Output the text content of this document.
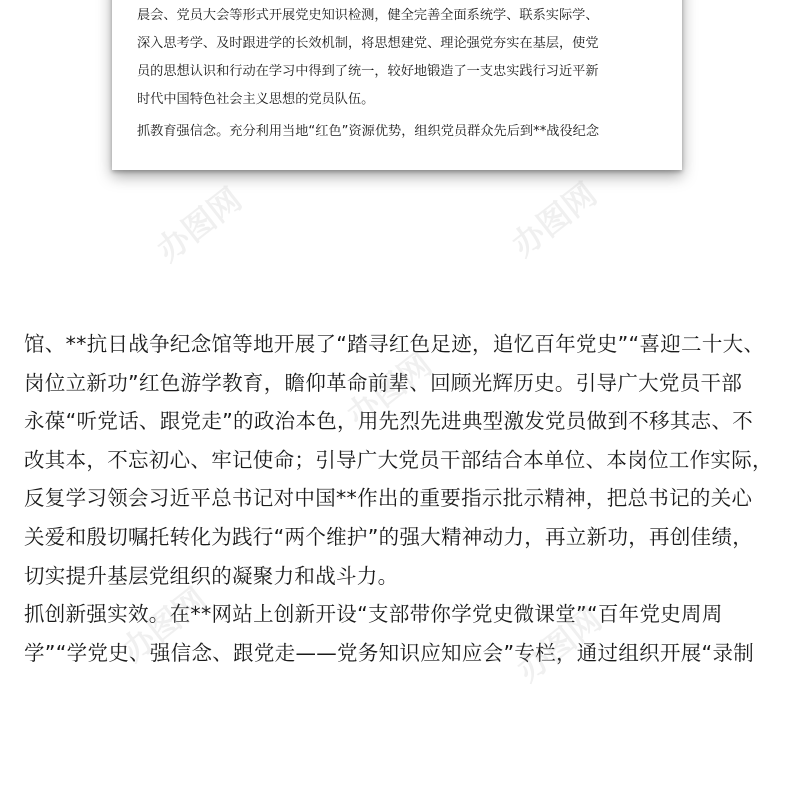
晨会、党员大会等形式开展党史知识检测，健全完善全面系统学、联系实际学、
深入思考学、及时跟进学的长效机制，将思想建党、理论强党夯实在基层，使党
员的思想认识和行动在学习中得到了统一，较好地锻造了一支忠实践行习近平新
时代中国特色社会主义思想的党员队伍。
抓教育强信念。充分利用当地“红色”资源优势，组织党员群众先后到**战役纪念
馆、**抗日战争纪念馆等地开展了“踏寻红色足迹，追忆百年党史”“喜迎二十大、
岗位立新功”红色游学教育，瞻仰革命前辈、回顾光辉历史。引导广大党员干部
永葆“听党话、跟党走”的政治本色，用先烈先进典型激发党员做到不移其志、不
改其本，不忘初心、牢记使命；引导广大党员干部结合本单位、本岗位工作实际，
反复学习领会习近平总书记对中国**作出的重要指示批示精神，把总书记的关心
关爱和殷切嘱托转化为践行“两个维护”的强大精神动力，再立新功，再创佳绩，
切实提升基层党组织的凝聚力和战斗力。
抓创新强实效。在**网站上创新开设“支部带你学党史微课堂”“百年党史周周
学”“学党史、强信念、跟党走——党务知识应知应会”专栏，通过组织开展“录制
办图网	办图网
办图网
办图网	办图网
